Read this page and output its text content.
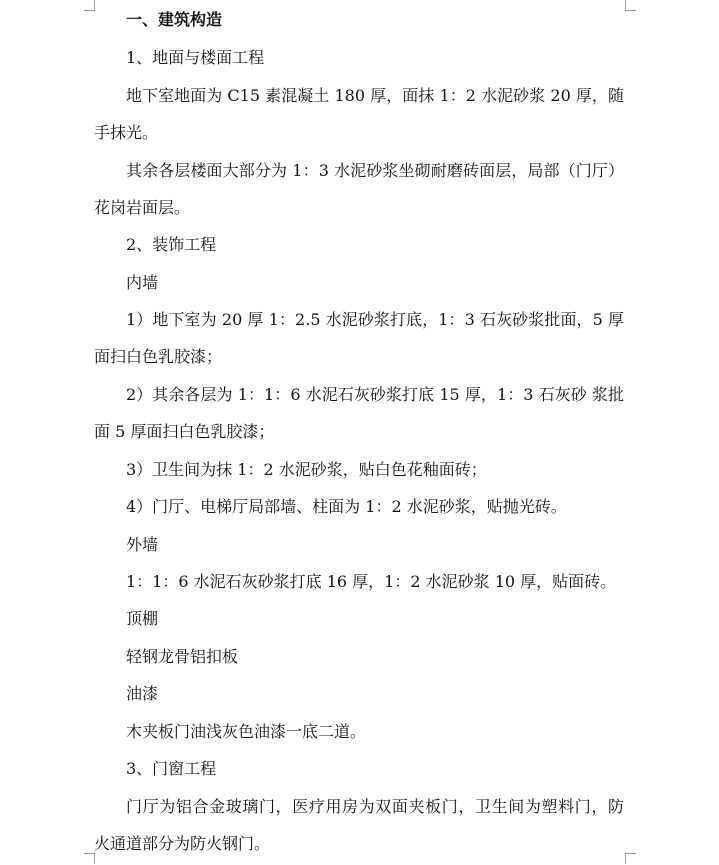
一、建筑构造
1、地面与楼面工程
地下室地面为 C15 素混凝土 180 厚，面抹 1：2 水泥砂浆 20 厚，随
手抹光。
其余各层楼面大部分为 1：3 水泥砂浆坐砌耐磨砖面层，局部（门厅）
花岗岩面层。
2、装饰工程
内墙
1）地下室为 20 厚 1：2.5 水泥砂浆打底，1：3 石灰砂浆批面，5 厚
面扫白色乳胶漆；
2）其余各层为 1：1：6 水泥石灰砂浆打底 15 厚，1：3 石灰砂 浆批
面 5 厚面扫白色乳胶漆；
3）卫生间为抹 1：2 水泥砂浆，贴白色花釉面砖；
4）门厅、电梯厅局部墙、柱面为 1：2 水泥砂浆，贴抛光砖。
外墙
1：1：6 水泥石灰砂浆打底 16 厚，1：2 水泥砂浆 10 厚，贴面砖。
顶棚
轻钢龙骨铝扣板
油漆
木夹板门油浅灰色油漆一底二道。
3、门窗工程
门厅为铝合金玻璃门，医疗用房为双面夹板门，卫生间为塑料门，防
火通道部分为防火钢门。
